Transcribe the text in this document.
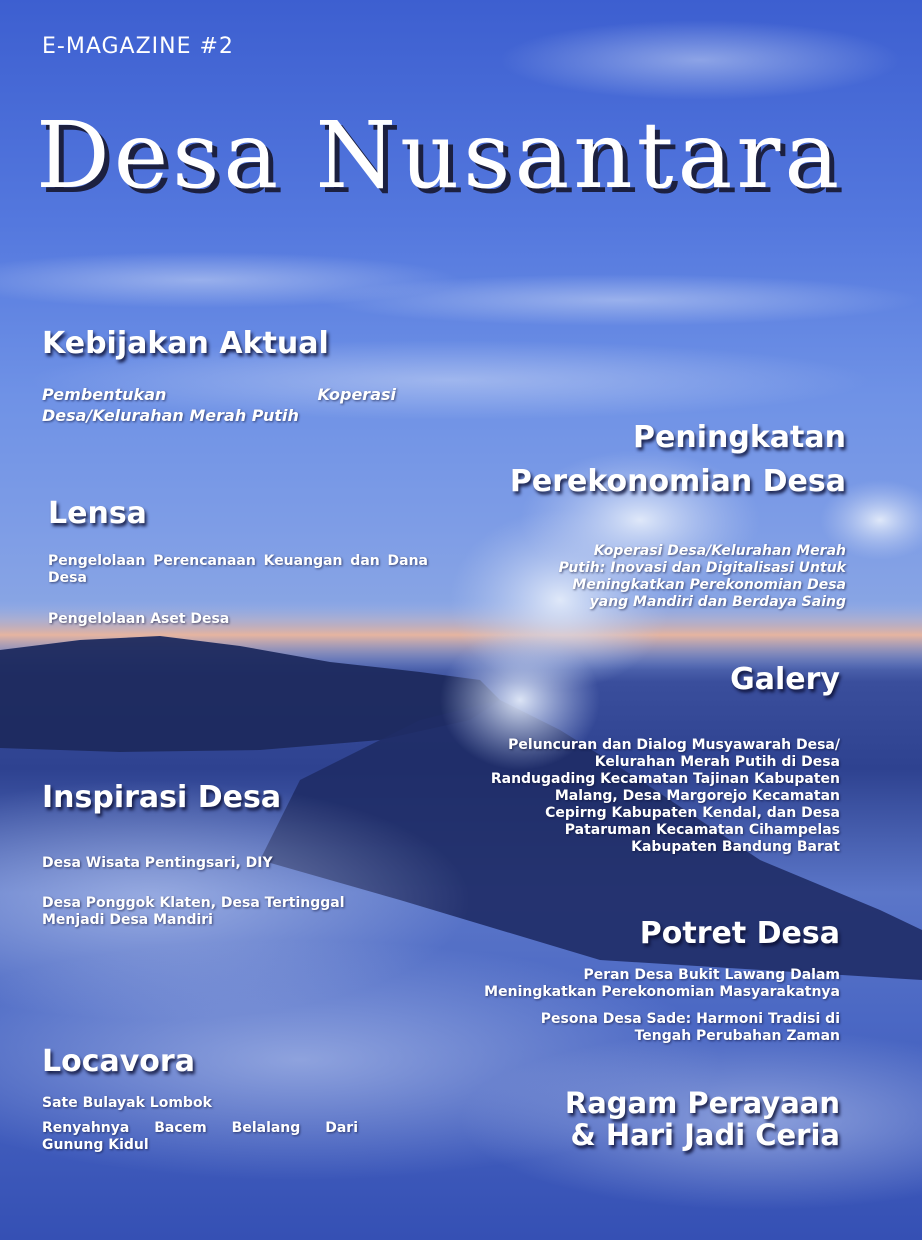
E-MAGAZINE #2
Desa Nusantara
Kebijakan Aktual
Pembentukan Koperasi Desa/Kelurahan Merah Putih
Lensa
Pengelolaan Perencanaan Keuangan dan Dana Desa
Pengelolaan Aset Desa
Inspirasi Desa
Desa Wisata Pentingsari, DIY
Desa Ponggok Klaten, Desa Tertinggal Menjadi Desa Mandiri
Locavora
Sate Bulayak Lombok
Renyahnya Bacem Belalang Dari Gunung Kidul
Peningkatan
Perekonomian Desa
Koperasi Desa/Kelurahan Merah Putih: Inovasi dan Digitalisasi Untuk Meningkatkan Perekonomian Desa yang Mandiri dan Berdaya Saing
Galery
Peluncuran dan Dialog Musyawarah Desa/ Kelurahan Merah Putih di Desa Randugading Kecamatan Tajinan Kabupaten Malang, Desa Margorejo Kecamatan Cepirng Kabupaten Kendal, dan Desa Pataruman Kecamatan Cihampelas Kabupaten Bandung Barat
Potret Desa
Peran Desa Bukit Lawang Dalam Meningkatkan Perekonomian Masyarakatnya
Pesona Desa Sade: Harmoni Tradisi di Tengah Perubahan Zaman
Ragam Perayaan
& Hari Jadi Ceria
